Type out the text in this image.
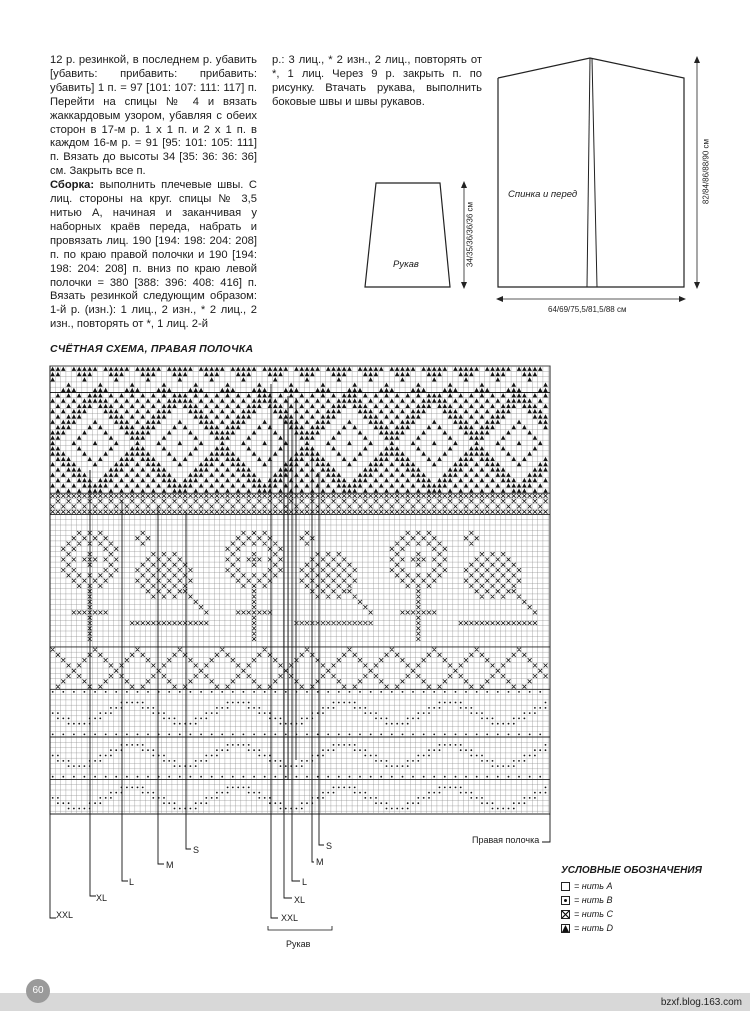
12 р. резинкой, в последнем р. убавить [убавить: прибавить: прибавить: убавить] 1 п. = 97 [101: 107: 111: 117] п. Перейти на спицы № 4 и вязать жаккардовым узором, убавляя с обеих сторон в 17-м р. 1 х 1 п. и 2 х 1 п. в каждом 16-м р. = 91 [95: 101: 105: 111] п. Вязать до высоты 34 [35: 36: 36: 36] см. Закрыть все п.

Сборка: выполнить плечевые швы. С лиц. стороны на круг. спицы № 3,5 нитью А, начиная и заканчивая у наборных краёв переда, набрать и провязать лиц. 190 [194: 198: 204: 208] п. по краю правой полочки и 190 [194: 198: 204: 208] п. вниз по краю левой полочки = 380 [388: 396: 408: 416] п. Вязать резинкой следующим образом: 1-й р. (изн.): 1 лиц., 2 изн., * 2 лиц., 2 изн., повторять от *, 1 лиц. 2-й

р.: 3 лиц., * 2 изн., 2 лиц., повторять от *, 1 лиц. Через 9 р. закрыть п. по рисунку. Втачать рукава, выполнить боковые швы и швы рукавов.

Рукав	34/35/36/36/36 см
Спинка и перед	82/84/86/88/90 см
64/69/75,5/81,5/88 см
СЧЁТНАЯ СХЕМА, ПРАВАЯ ПОЛОЧКА
S
M
L
XL
XXL
S
M
L
XL
XXL
Правая полочка
Рукав
УСЛОВНЫЕ ОБОЗНАЧЕНИЯ
= нить A
= нить B
= нить C
= нить D
60
bzxf.blog.163.com
